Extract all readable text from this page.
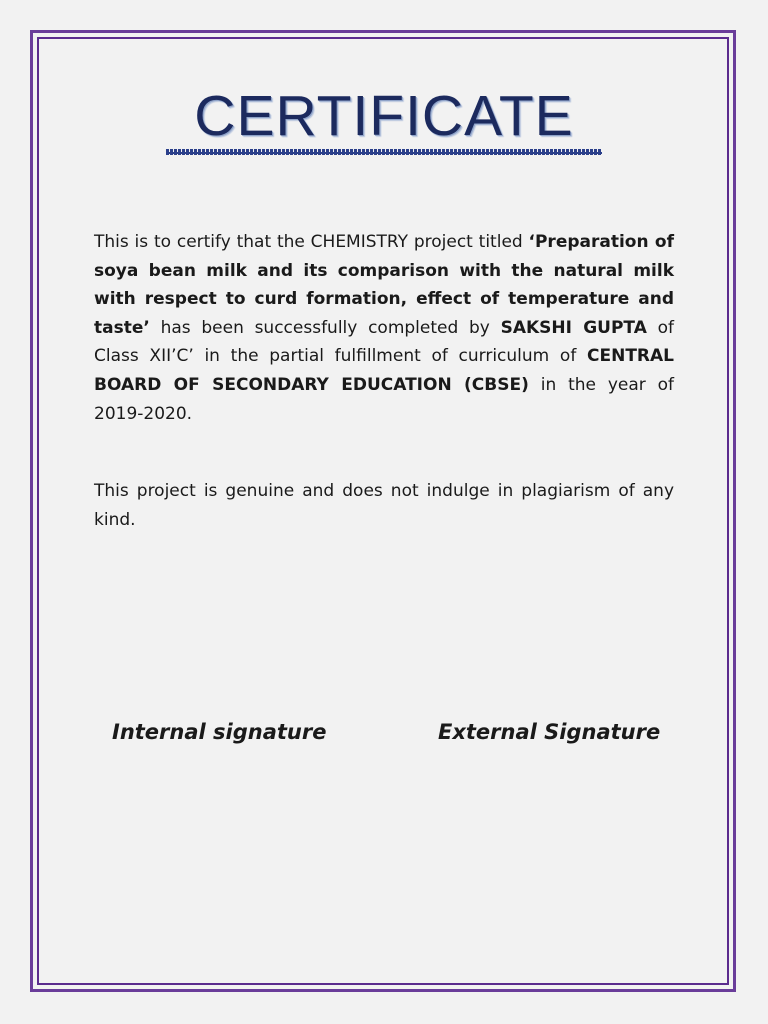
CERTIFICATE

This is to certify that the CHEMISTRY project titled ‘Preparation of soya bean milk and its comparison with the natural milk with respect to curd formation, effect of temperature and taste’ has been successfully completed by SAKSHI GUPTA of Class XII’C’ in the partial fulfillment of curriculum of CENTRAL BOARD OF SECONDARY EDUCATION (CBSE) in the year of 2019-2020.

This project is genuine and does not indulge in plagiarism of any kind.

Internal signature	External Signature
